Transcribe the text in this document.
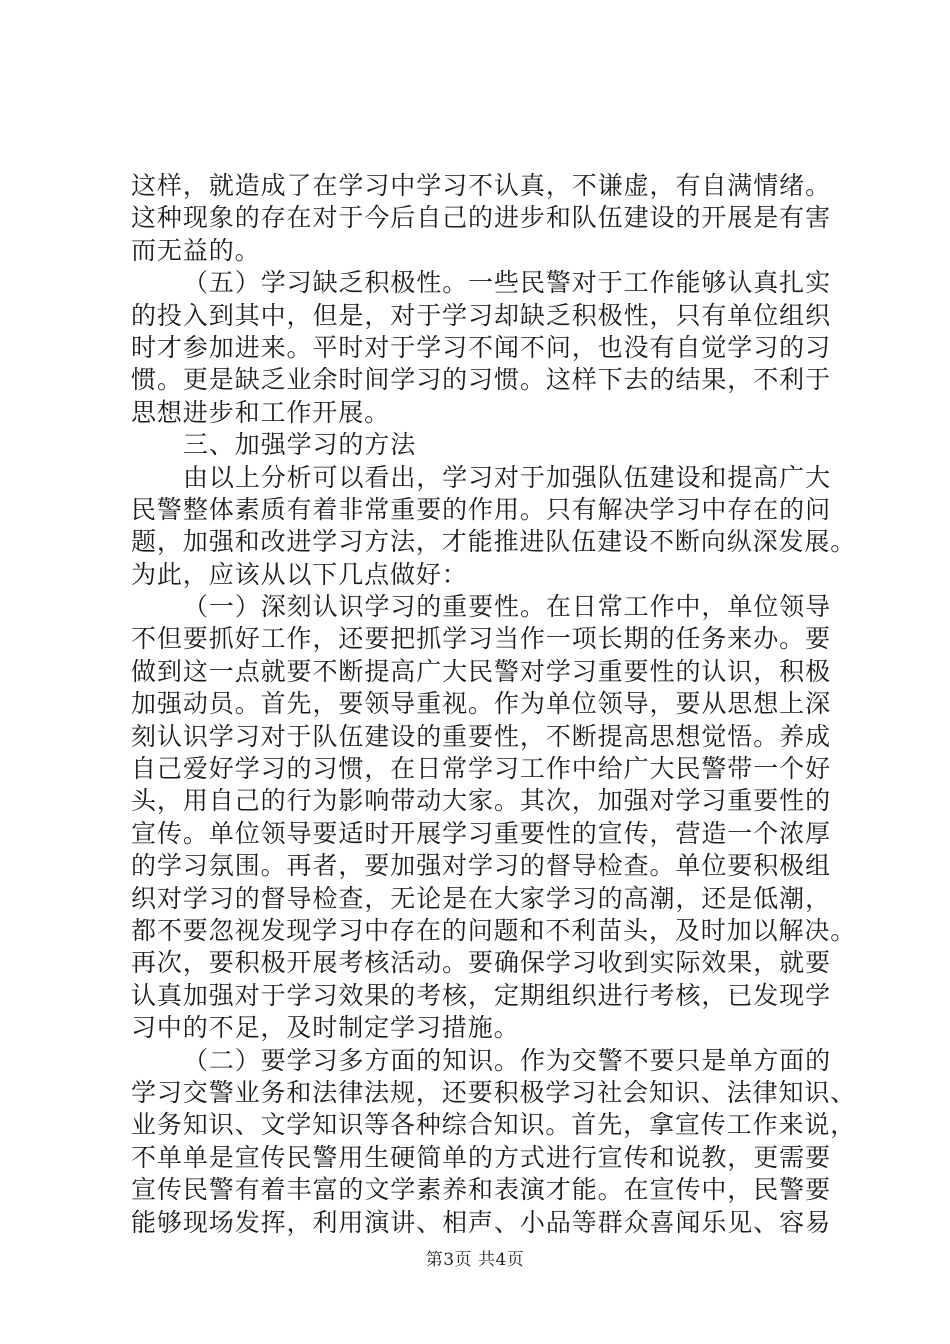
这样，就造成了在学习中学习不认真，不谦虚，有自满情绪。
这种现象的存在对于今后自己的进步和队伍建设的开展是有害
而无益的。
（五）学习缺乏积极性。一些民警对于工作能够认真扎实
的投入到其中，但是，对于学习却缺乏积极性，只有单位组织
时才参加进来。平时对于学习不闻不问，也没有自觉学习的习
惯。更是缺乏业余时间学习的习惯。这样下去的结果，不利于
思想进步和工作开展。
三、加强学习的方法
由以上分析可以看出，学习对于加强队伍建设和提高广大
民警整体素质有着非常重要的作用。只有解决学习中存在的问
题，加强和改进学习方法，才能推进队伍建设不断向纵深发展。
为此，应该从以下几点做好：
（一）深刻认识学习的重要性。在日常工作中，单位领导
不但要抓好工作，还要把抓学习当作一项长期的任务来办。要
做到这一点就要不断提高广大民警对学习重要性的认识，积极
加强动员。首先，要领导重视。作为单位领导，要从思想上深
刻认识学习对于队伍建设的重要性，不断提高思想觉悟。养成
自己爱好学习的习惯，在日常学习工作中给广大民警带一个好
头，用自己的行为影响带动大家。其次，加强对学习重要性的
宣传。单位领导要适时开展学习重要性的宣传，营造一个浓厚
的学习氛围。再者，要加强对学习的督导检查。单位要积极组
织对学习的督导检查，无论是在大家学习的高潮，还是低潮，
都不要忽视发现学习中存在的问题和不利苗头，及时加以解决。
再次，要积极开展考核活动。要确保学习收到实际效果，就要
认真加强对于学习效果的考核，定期组织进行考核，已发现学
习中的不足，及时制定学习措施。
（二）要学习多方面的知识。作为交警不要只是单方面的
学习交警业务和法律法规，还要积极学习社会知识、法律知识、
业务知识、文学知识等各种综合知识。首先，拿宣传工作来说，
不单单是宣传民警用生硬简单的方式进行宣传和说教，更需要
宣传民警有着丰富的文学素养和表演才能。在宣传中，民警要
能够现场发挥，利用演讲、相声、小品等群众喜闻乐见、容易
第3页 共4页
